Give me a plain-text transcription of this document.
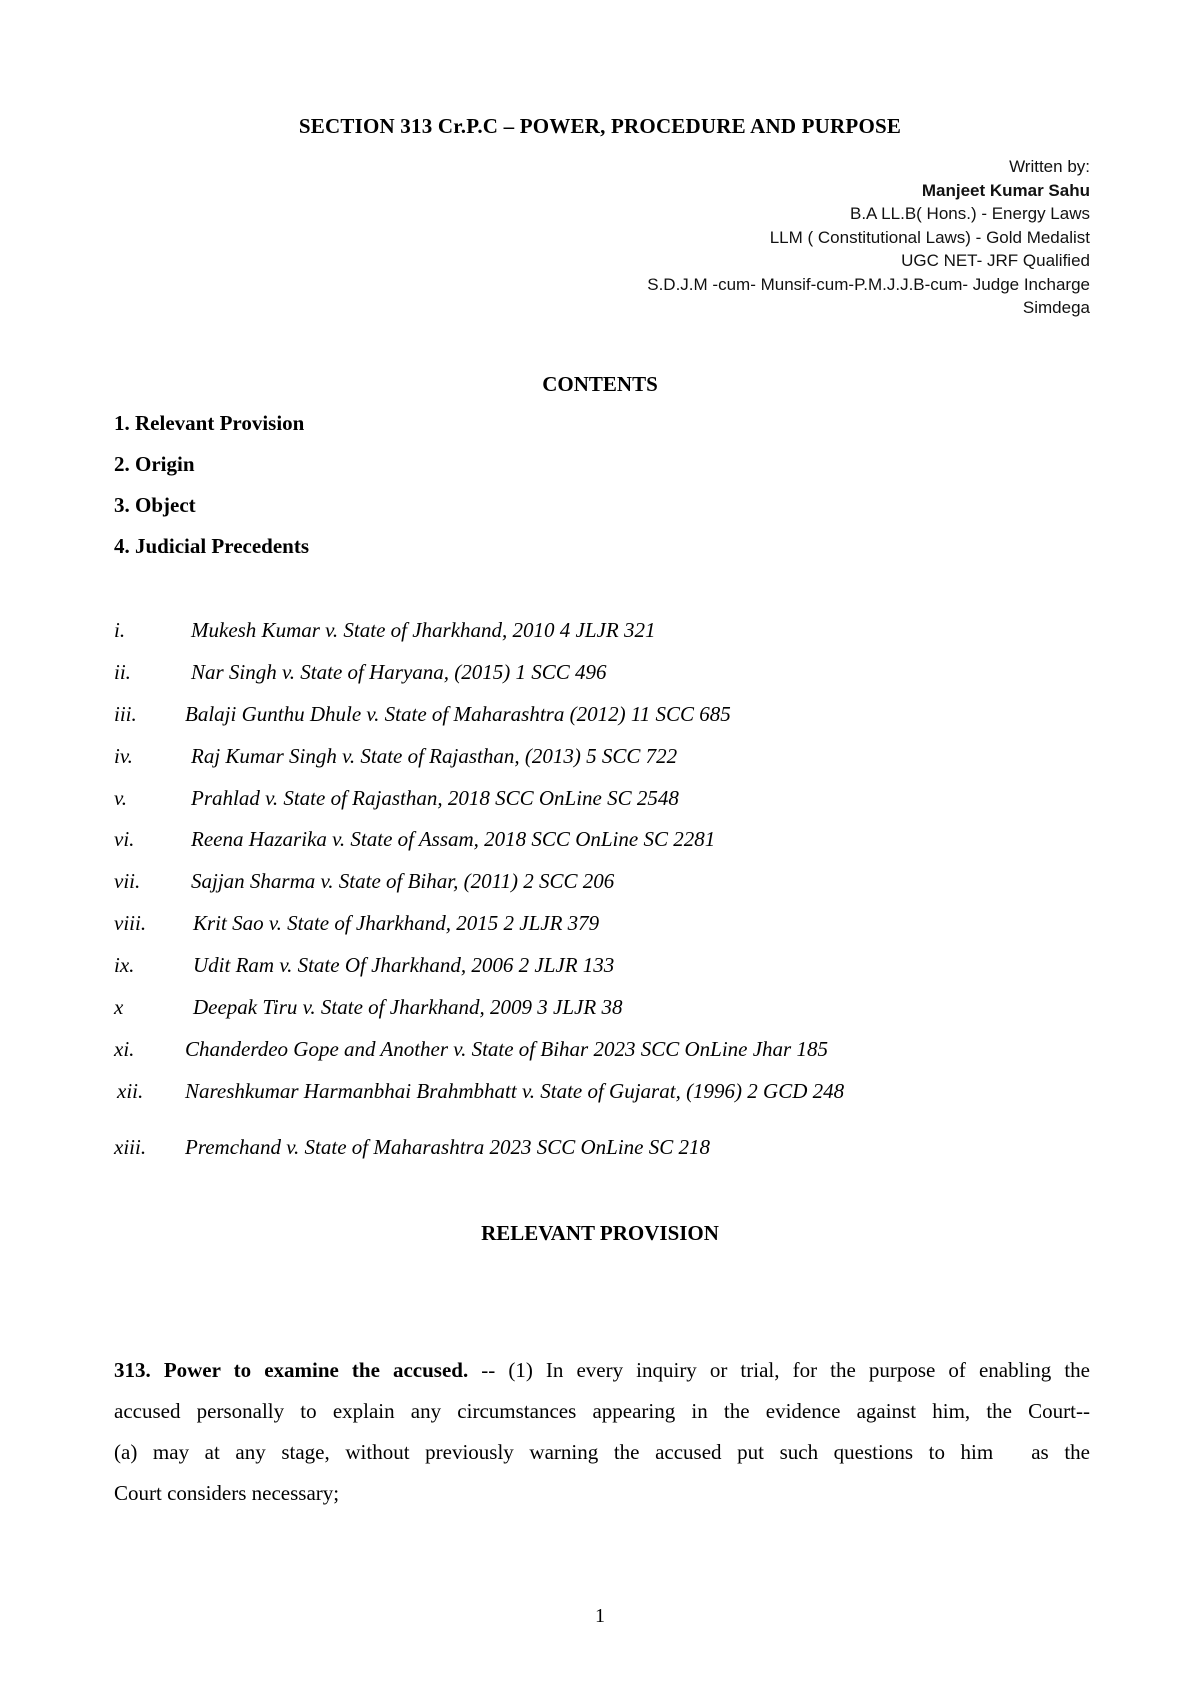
SECTION 313 Cr.P.C – POWER, PROCEDURE AND PURPOSE
Written by:
Manjeet Kumar Sahu
B.A LL.B( Hons.) - Energy Laws
LLM ( Constitutional Laws) - Gold Medalist
UGC NET- JRF Qualified
S.D.J.M -cum- Munsif-cum-P.M.J.J.B-cum- Judge Incharge
Simdega
CONTENTS
1. Relevant Provision
2. Origin
3. Object
4. Judicial Precedents
i.	Mukesh Kumar v. State of Jharkhand, 2010 4 JLJR 321
ii.	Nar Singh v. State of Haryana, (2015) 1 SCC 496
iii. Balaji Gunthu Dhule v. State of Maharashtra (2012) 11 SCC 685
iv.	Raj Kumar Singh v. State of Rajasthan, (2013) 5 SCC 722
v.	Prahlad v. State of Rajasthan, 2018 SCC OnLine SC 2548
vi.	Reena Hazarika v. State of Assam, 2018 SCC OnLine SC 2281
vii. Sajjan Sharma v. State of Bihar, (2011) 2 SCC 206
viii. Krit Sao v. State of Jharkhand, 2015 2 JLJR 379
ix.	Udit Ram v. State Of Jharkhand, 2006 2 JLJR 133
x	Deepak Tiru v. State of Jharkhand, 2009 3 JLJR 38
xi. Chanderdeo Gope and Another v. State of Bihar 2023 SCC OnLine Jhar 185
xii. Nareshkumar Harmanbhai Brahmbhatt v. State of Gujarat, (1996) 2 GCD 248
xiii. Premchand v. State of Maharashtra 2023 SCC OnLine SC 218
RELEVANT PROVISION
313. Power to examine the accused. -- (1) In every inquiry or trial, for the purpose of enabling the
accused personally to explain any circumstances appearing in the evidence against him, the Court--
(a) may at any stage, without previously warning the accused put such questions to him as the
Court considers necessary;
1
